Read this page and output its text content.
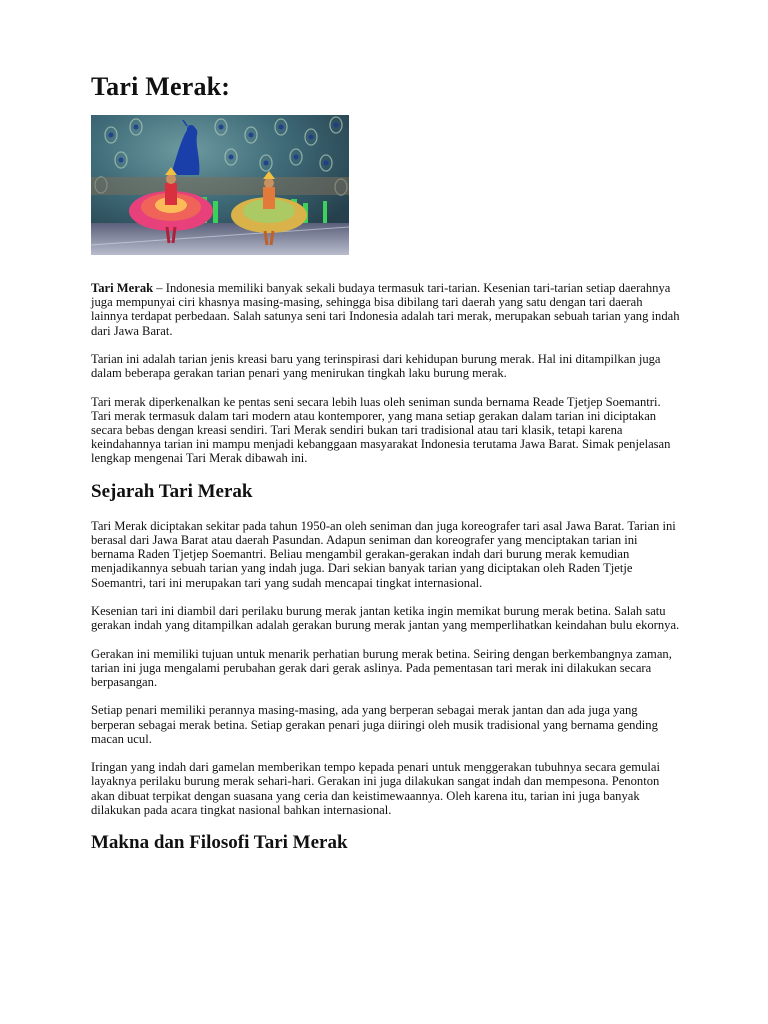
Tari Merak:

Tari Merak – Indonesia memiliki banyak sekali budaya termasuk tari-tarian. Kesenian tari-tarian setiap daerahnya juga mempunyai ciri khasnya masing-masing, sehingga bisa dibilang tari daerah yang satu dengan tari daerah lainnya terdapat perbedaan. Salah satunya seni tari Indonesia adalah tari merak, merupakan sebuah tarian yang indah dari Jawa Barat.

Tarian ini adalah tarian jenis kreasi baru yang terinspirasi dari kehidupan burung merak. Hal ini ditampilkan juga dalam beberapa gerakan tarian penari yang menirukan tingkah laku burung merak.

Tari merak diperkenalkan ke pentas seni secara lebih luas oleh seniman sunda bernama Reade Tjetjep Soemantri. Tari merak termasuk dalam tari modern atau kontemporer, yang mana setiap gerakan dalam tarian ini diciptakan secara bebas dengan kreasi sendiri. Tari Merak sendiri bukan tari tradisional atau tari klasik, tetapi karena keindahannya tarian ini mampu menjadi kebanggaan masyarakat Indonesia terutama Jawa Barat. Simak penjelasan lengkap mengenai Tari Merak dibawah ini.

Sejarah Tari Merak

Tari Merak diciptakan sekitar pada tahun 1950-an oleh seniman dan juga koreografer tari asal Jawa Barat. Tarian ini berasal dari Jawa Barat atau daerah Pasundan. Adapun seniman dan koreografer yang menciptakan tarian ini bernama Raden Tjetjep Soemantri. Beliau mengambil gerakan-gerakan indah dari burung merak kemudian menjadikannya sebuah tarian yang indah juga. Dari sekian banyak tarian yang diciptakan oleh Raden Tjetje Soemantri, tari ini merupakan tari yang sudah mencapai tingkat internasional.

Kesenian tari ini diambil dari perilaku burung merak jantan ketika ingin memikat burung merak betina. Salah satu gerakan indah yang ditampilkan adalah gerakan burung merak jantan yang memperlihatkan keindahan bulu ekornya.

Gerakan ini memiliki tujuan untuk menarik perhatian burung merak betina. Seiring dengan berkembangnya zaman, tarian ini juga mengalami perubahan gerak dari gerak aslinya. Pada pementasan tari merak ini dilakukan secara berpasangan.

Setiap penari memiliki perannya masing-masing, ada yang berperan sebagai merak jantan dan ada juga yang berperan sebagai merak betina. Setiap gerakan penari juga diiringi oleh musik tradisional yang bernama gending macan ucul.

Iringan yang indah dari gamelan memberikan tempo kepada penari untuk menggerakan tubuhnya secara gemulai layaknya perilaku burung merak sehari-hari. Gerakan ini juga dilakukan sangat indah dan mempesona. Penonton akan dibuat terpikat dengan suasana yang ceria dan keistimewaannya. Oleh karena itu, tarian ini juga banyak dilakukan pada acara tingkat nasional bahkan internasional.

Makna dan Filosofi Tari Merak
